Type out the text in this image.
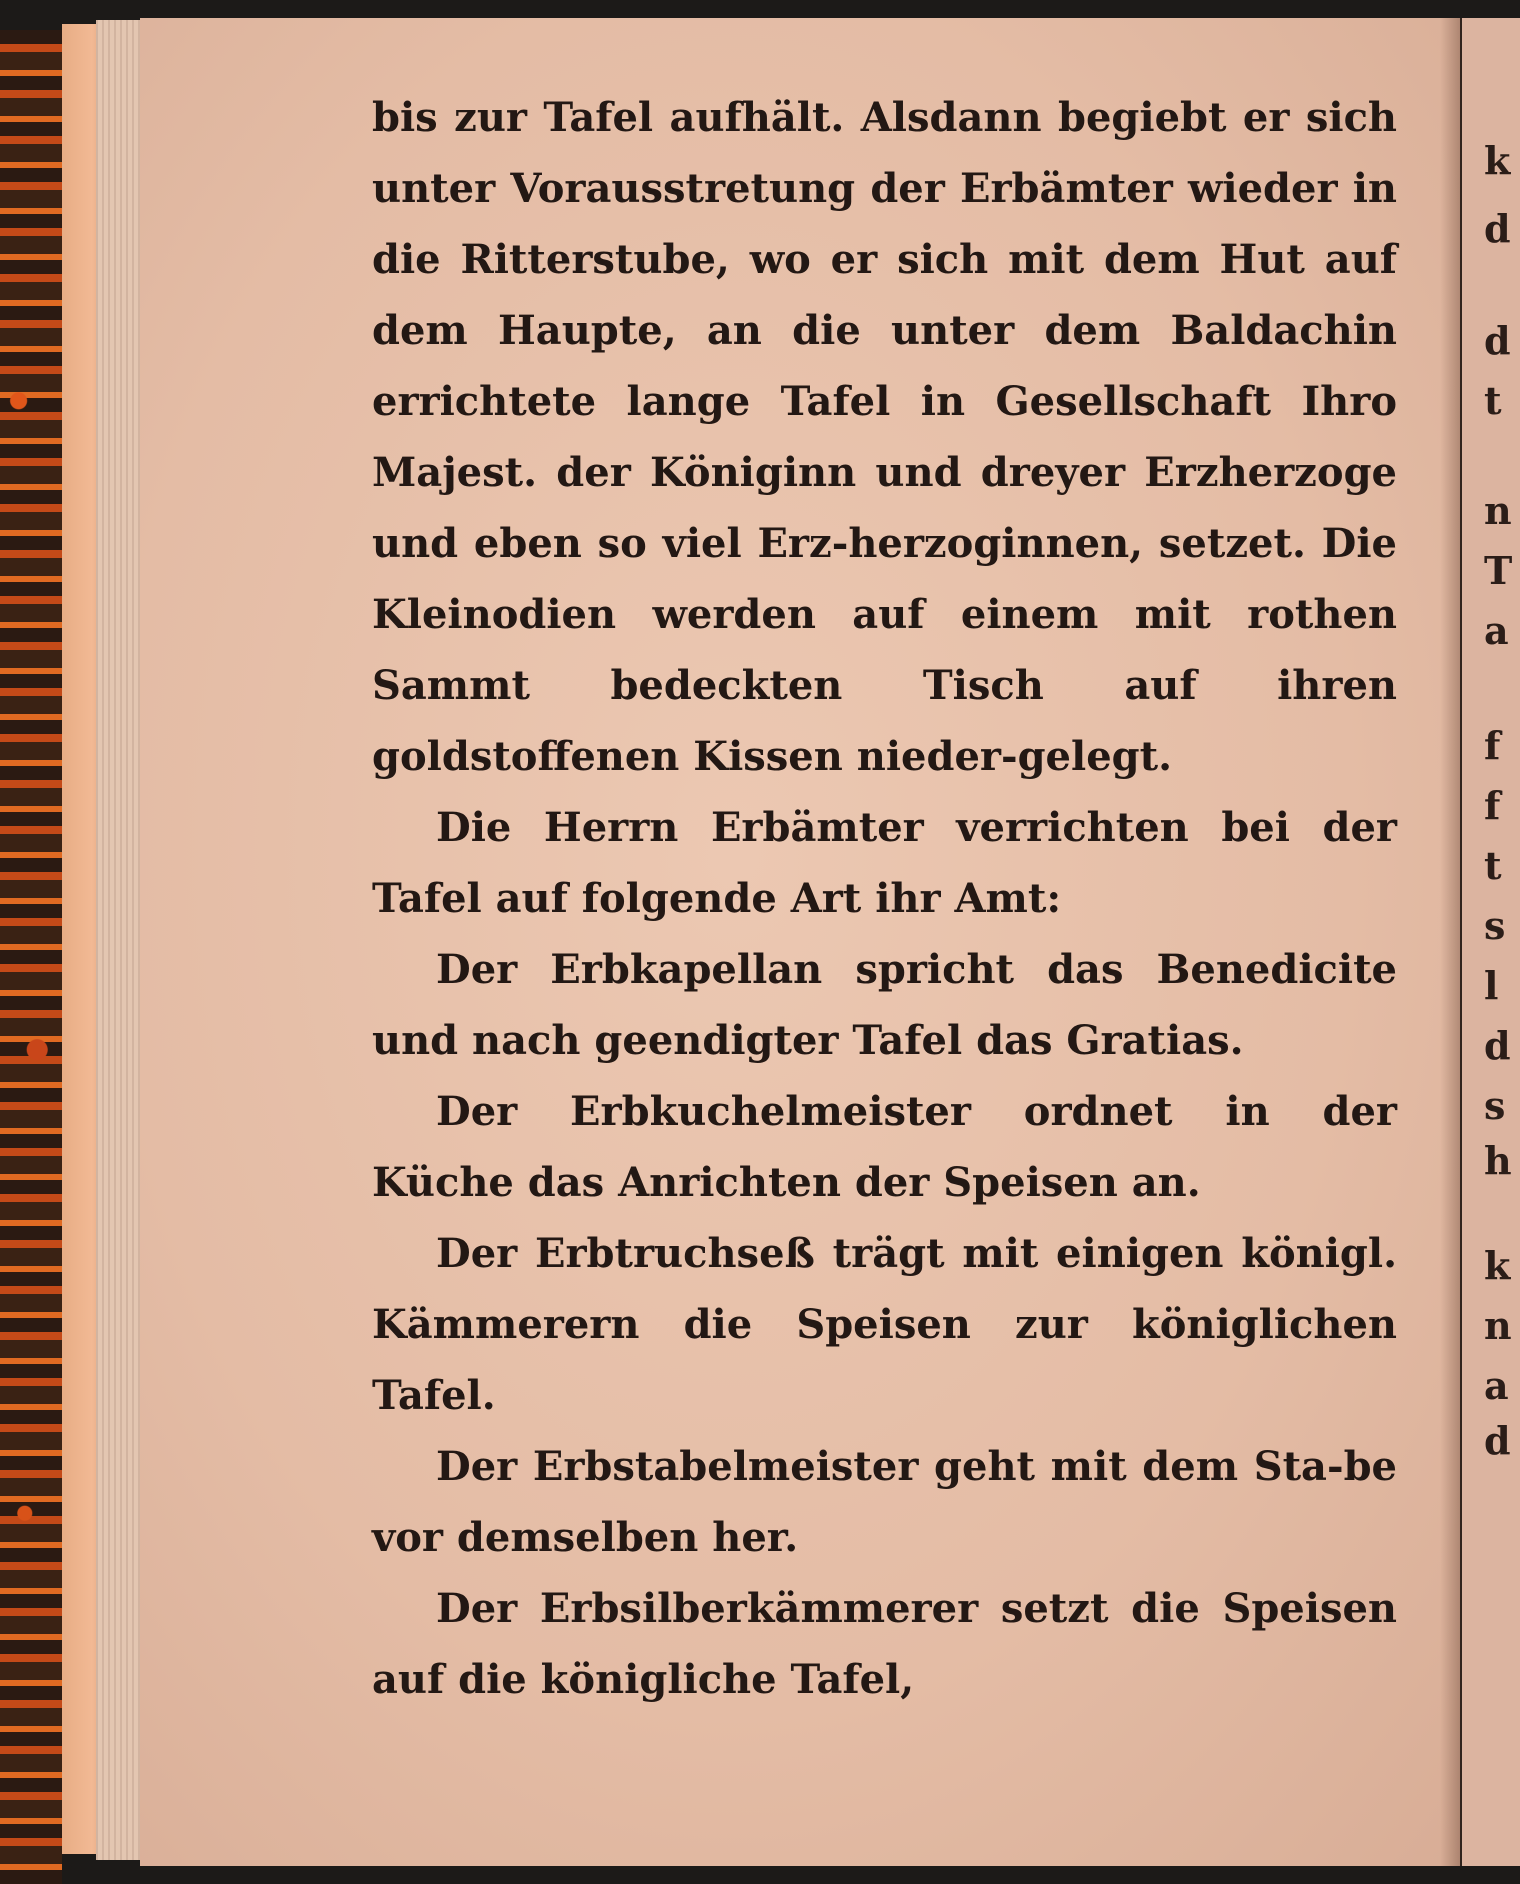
k
d
d
t
n
T
a
f
f
t
s
l
d
s
h
k
n
a
d

bis zur Tafel aufhält. Alsdann begiebt er sich unter Vorausstretung der Erbämter wieder in die Ritterstube, wo er sich mit dem Hut auf dem Haupte, an die unter dem Baldachin errichtete lange Tafel in Gesellschaft Ihro Majest. der Königinn und dreyer Erzherzoge und eben so viel Erz-herzoginnen, setzet. Die Kleinodien werden auf einem mit rothen Sammt bedeckten Tisch auf ihren goldstoffenen Kissen nieder-gelegt.

Die Herrn Erbämter verrichten bei der Tafel auf folgende Art ihr Amt:

Der Erbkapellan spricht das Benedicite und nach geendigter Tafel das Gratias.

Der Erbkuchelmeister ordnet in der Küche das Anrichten der Speisen an.

Der Erbtruchseß trägt mit einigen königl. Kämmerern die Speisen zur königlichen Tafel.

Der Erbstabelmeister geht mit dem Sta-be vor demselben her.

Der Erbsilberkämmerer setzt die Speisen auf die königliche Tafel,
